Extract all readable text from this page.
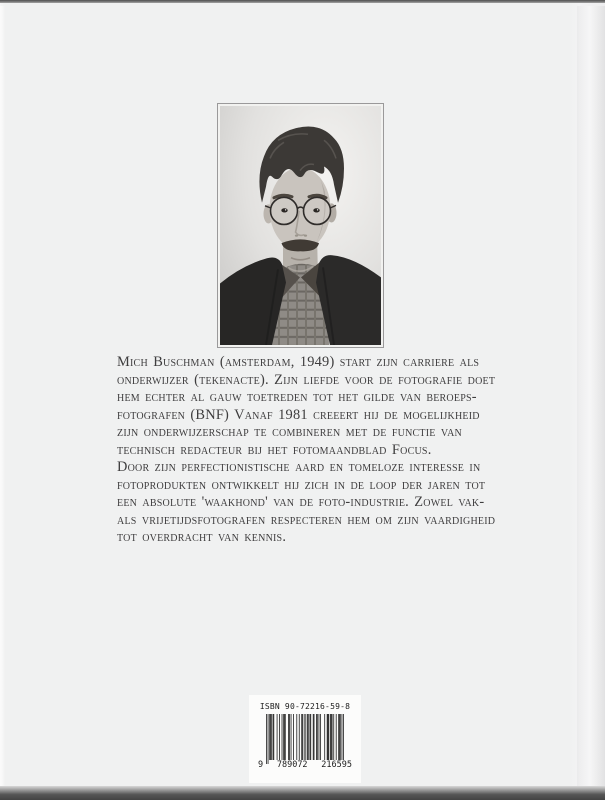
Mich Buschman (amsterdam, 1949) start zijn carriere als
onderwijzer (tekenacte). Zijn liefde voor de fotografie doet
hem echter al gauw toetreden tot het gilde van beroeps-
fotografen (BNF) Vanaf 1981 creeert hij de mogelijkheid
zijn onderwijzerschap te combineren met de functie van
technisch redacteur bij het fotomaandblad Focus.
Door zijn perfectionistische aard en tomeloze interesse in
fotoprodukten ontwikkelt hij zich in de loop der jaren tot
een absolute 'waakhond' van de foto-industrie. Zowel vak-
als vrijetijdsfotografen respecteren hem om zijn vaardigheid
tot overdracht van kennis.
ISBN 90-72216-59-8
9 789072 216595
